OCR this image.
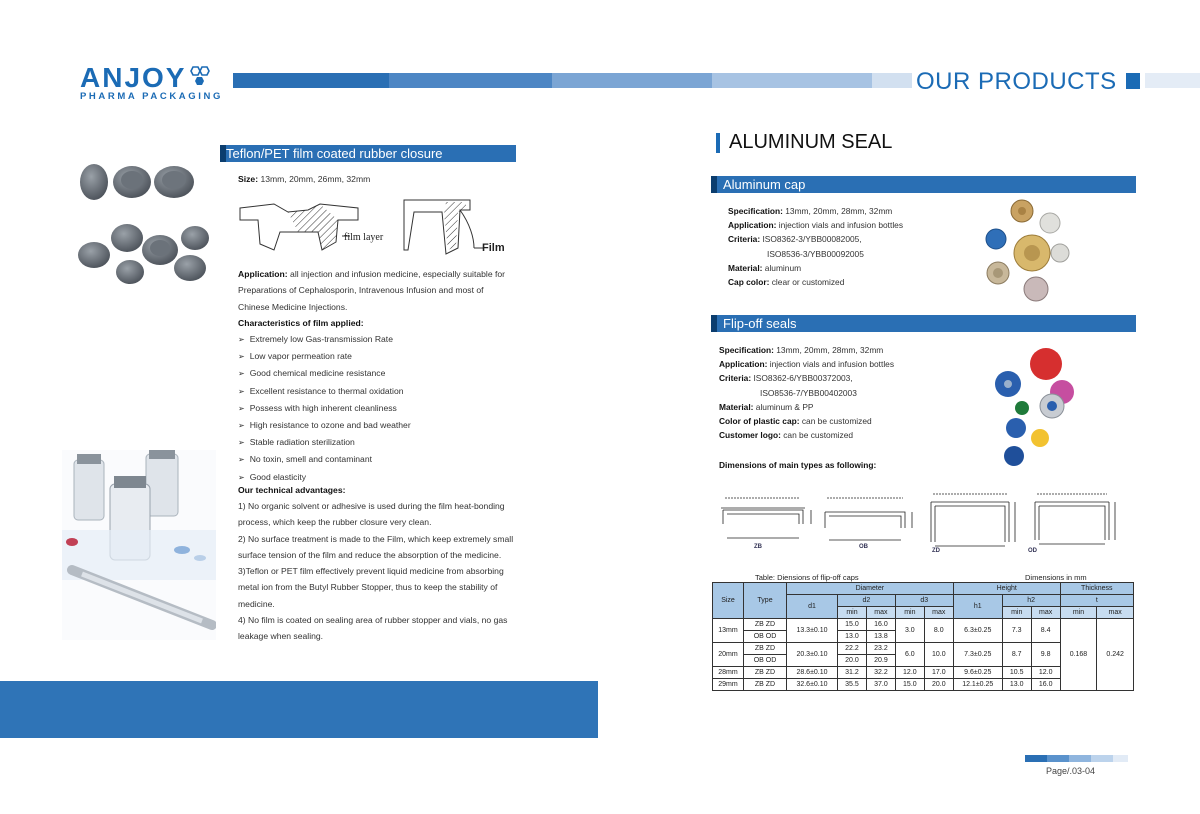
ANJOY
PHARMA PACKAGING
OUR PRODUCTS
Teflon/PET film coated rubber closure
Size: 13mm, 20mm, 26mm, 32mm
film layer
Film
Application: all injection and infusion medicine, especially suitable for
Preparations of Cephalosporin, Intravenous Infusion and most of
Chinese Medicine Injections.
Characteristics of film applied:
➢ Extremely low Gas-transmission Rate
➢ Low vapor permeation rate
➢ Good chemical medicine resistance
➢ Excellent resistance to thermal oxidation
➢ Possess with high inherent cleanliness
➢ High resistance to ozone and bad weather
➢ Stable radiation sterilization
➢ No toxin, smell and contaminant
➢ Good elasticity
Our technical advantages:
1) No organic solvent or adhesive is used during the film heat-bonding
process, which keep the rubber closure very clean.
2) No surface treatment is made to the Film, which keep extremely small
surface tension of the film and reduce the absorption of the medicine.
3)Teflon or PET film effectively prevent liquid medicine from absorbing
metal ion from the Butyl Rubber Stopper, thus to keep the stability of
medicine.
4) No film is coated on sealing area of rubber stopper and vials, no gas
leakage when sealing.
ALUMINUM SEAL
Aluminum cap
Specification: 13mm, 20mm, 28mm, 32mm
Application: injection vials and infusion bottles
Criteria: ISO8362-3/YBB00082005,
ISO8536-3/YBB00092005
Material: aluminum
Cap color: clear or customized
Flip-off seals
Specification: 13mm, 20mm, 28mm, 32mm
Application: injection vials and infusion bottles
Criteria: ISO8362-6/YBB00372003,
ISO8536-7/YBB00402003
Material: aluminum & PP
Color of plastic cap: can be customized
Customer logo: can be customized
Dimensions of main types as following:
ZB	OB
ZD	OD
Table: Diensions of flip-off caps	Dimensions in mm
Size	Type	Diameter					Height			Thickness	
		d1	d2		d3		h1	h2		t	
			min	max	min	max		min	max	min	max
13mm	ZB ZD	13.3±0.10	15.0	16.0	3.0	8.0	6.3±0.25	7.3	8.4	0.168	0.242
	OB OD		13.0	13.8							
20mm	ZB ZD	20.3±0.10	22.2	23.2	6.0	10.0	7.3±0.25	8.7	9.8		
	OB OD		20.0	20.9							
28mm	ZB ZD	28.6±0.10	31.2	32.2	12.0	17.0	9.6±0.25	10.5	12.0		
29mm	ZB ZD	32.6±0.10	35.5	37.0	15.0	20.0	12.1±0.25	13.0	16.0		
Page/.03-04
